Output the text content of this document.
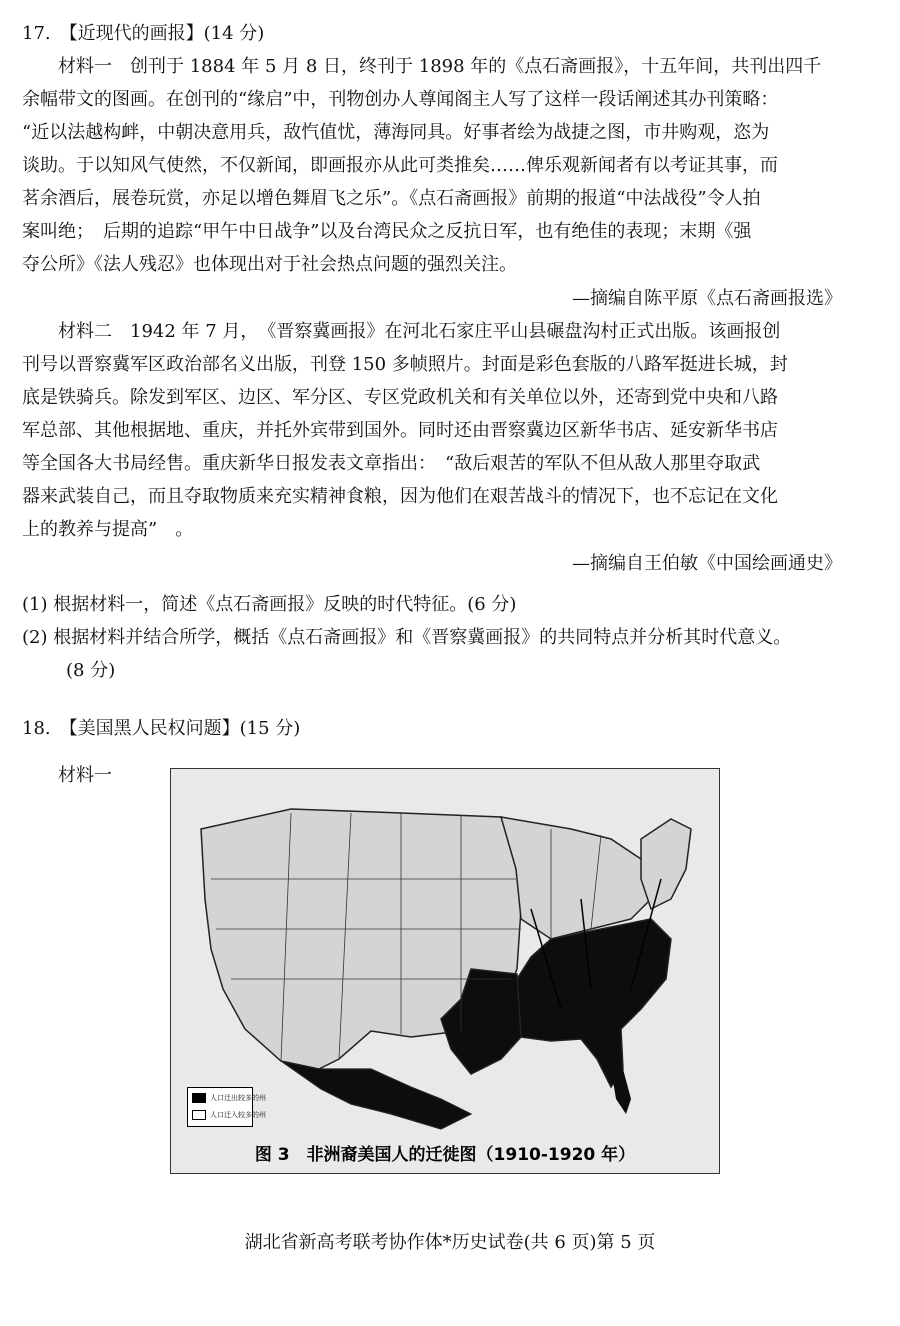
17.　【近现代的画报】(14 分)
材料一　创刊于 1884 年 5 月 8 日，终刊于 1898 年的《点石斋画报》，十五年间，共刊出四千
余幅带文的图画。在创刊的“缘启”中，刊物创办人尊闻阁主人写了这样一段话阐述其办刊策略：
“近以法越构衅，中朝决意用兵，敌忾值忧，薄海同具。好事者绘为战捷之图，市井购观，恣为
谈助。于以知风气使然，不仅新闻，即画报亦从此可类推矣……俾乐观新闻者有以考证其事，而
茗余酒后，展卷玩赏，亦足以增色舞眉飞之乐”。《点石斋画报》前期的报道“中法战役”令人拍
案叫绝；　后期的追踪“甲午中日战争”以及台湾民众之反抗日军，也有绝佳的表现；末期《强
夺公所》《法人残忍》也体现出对于社会热点问题的强烈关注。
—摘编自陈平原《点石斋画报选》
材料二　1942 年 7 月，　《晋察冀画报》在河北石家庄平山县碾盘沟村正式出版。该画报创
刊号以晋察冀军区政治部名义出版，刊登 150 多帧照片。封面是彩色套版的八路军挺进长城，封
底是铁骑兵。除发到军区、边区、军分区、专区党政机关和有关单位以外，还寄到党中央和八路
军总部、其他根据地、重庆，并托外宾带到国外。同时还由晋察冀边区新华书店、延安新华书店
等全国各大书局经售。重庆新华日报发表文章指出：　“敌后艰苦的军队不但从敌人那里夺取武
器来武装自己，而且夺取物质来充实精神食粮，因为他们在艰苦战斗的情况下，也不忘记在文化
上的教养与提高”　。
—摘编自王伯敏《中国绘画通史》
(1) 根据材料一，简述《点石斋画报》反映的时代特征。(6 分)
(2) 根据材料并结合所学，概括《点石斋画报》和《晋察冀画报》的共同特点并分析其时代意义。
(8 分)
18.　【美国黑人民权问题】(15 分)
材料一
人口迁出较多的州
人口迁入较多的州
图 3　非洲裔美国人的迁徙图（1910-1920 年）
湖北省新高考联考协作体*历史试卷(共 6 页)第 5 页
